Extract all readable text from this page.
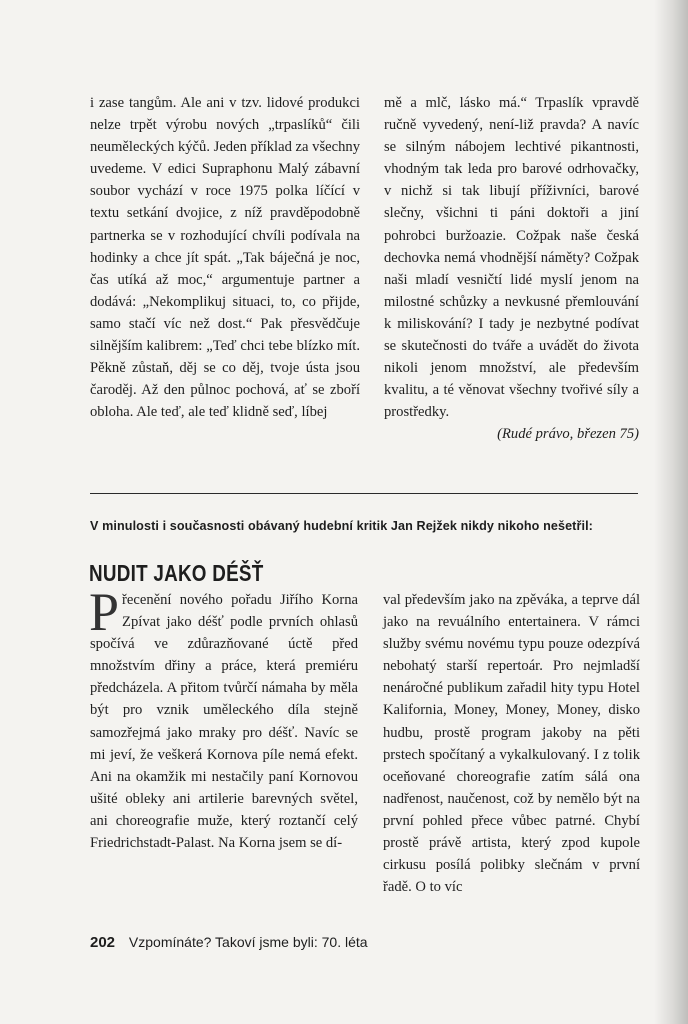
i zase tangům. Ale ani v tzv. lidové produkci nelze trpět výrobu nových „trpaslíků“ čili neuměleckých kýčů. Jeden příklad za všechny uvedeme. V edici Supraphonu Malý zábavní soubor vychází v roce 1975 polka líčící v textu setkání dvojice, z níž pravděpodobně partnerka se v rozhodující chvíli podívala na hodinky a chce jít spát. „Tak báječná je noc, čas utíká až moc,“ argumentuje partner a dodává: „Nekomplikuj situaci, to, co přijde, samo stačí víc než dost.“ Pak přesvědčuje silnějším kalibrem: „Teď chci tebe blízko mít. Pěkně zůstaň, děj se co děj, tvoje ústa jsou čaroděj. Až den půlnoc pochová, ať se zboří obloha. Ale teď, ale teď klidně seď, líbej

mě a mlč, lásko má.“ Trpaslík vpravdě ručně vyvedený, není-liž pravda? A navíc se silným nábojem lechtivé pikantnosti, vhodným tak leda pro barové odrhovačky, v nichž si tak libují příživníci, barové slečny, všichni ti páni doktoři a jiní pohrobci buržoazie. Cožpak naše česká dechovka nemá vhodnější náměty? Cožpak naši mladí vesničtí lidé myslí jenom na milostné schůzky a nevkusné přemlouvání k miliskování? I tady je nezbytné podívat se skutečnosti do tváře a uvádět do života nikoli jenom množství, ale především kvalitu, a té věnovat všechny tvořivé síly a prostředky.

(Rudé právo, březen 75)

V minulosti i současnosti obávaný hudební kritik Jan Rejžek nikdy nikoho nešetřil:
NUDIT JAKO DÉŠŤ

Přecenění nového pořadu Jiřího Korna Zpívat jako déšť podle prvních ohlasů spočívá ve zdůrazňované úctě před množstvím dřiny a práce, která premiéru předcházela. A přitom tvůrčí námaha by měla být pro vznik uměleckého díla stejně samozřejmá jako mraky pro déšť. Navíc se mi jeví, že veškerá Kornova píle nemá efekt. Ani na okamžik mi nestačily paní Kornovou ušité obleky ani artilerie barevných světel, ani choreografie muže, který roztančí celý Friedrichstadt-Palast. Na Korna jsem se dí-

val především jako na zpěváka, a teprve dál jako na revuálního entertainera. V rámci služby svému novému typu pouze odezpívá nebohatý starší repertoár. Pro nejmladší nenáročné publikum zařadil hity typu Hotel Kalifornia, Money, Money, Money, disko hudbu, prostě program jakoby na pěti prstech spočítaný a vykalkulovaný. I z tolik oceňované choreografie zatím sálá ona nadřenost, naučenost, což by nemělo být na první pohled přece vůbec patrné. Chybí prostě právě artista, který zpod kupole cirkusu posílá polibky slečnám v první řadě. O to víc

202 Vzpomínáte? Takoví jsme byli: 70. léta
